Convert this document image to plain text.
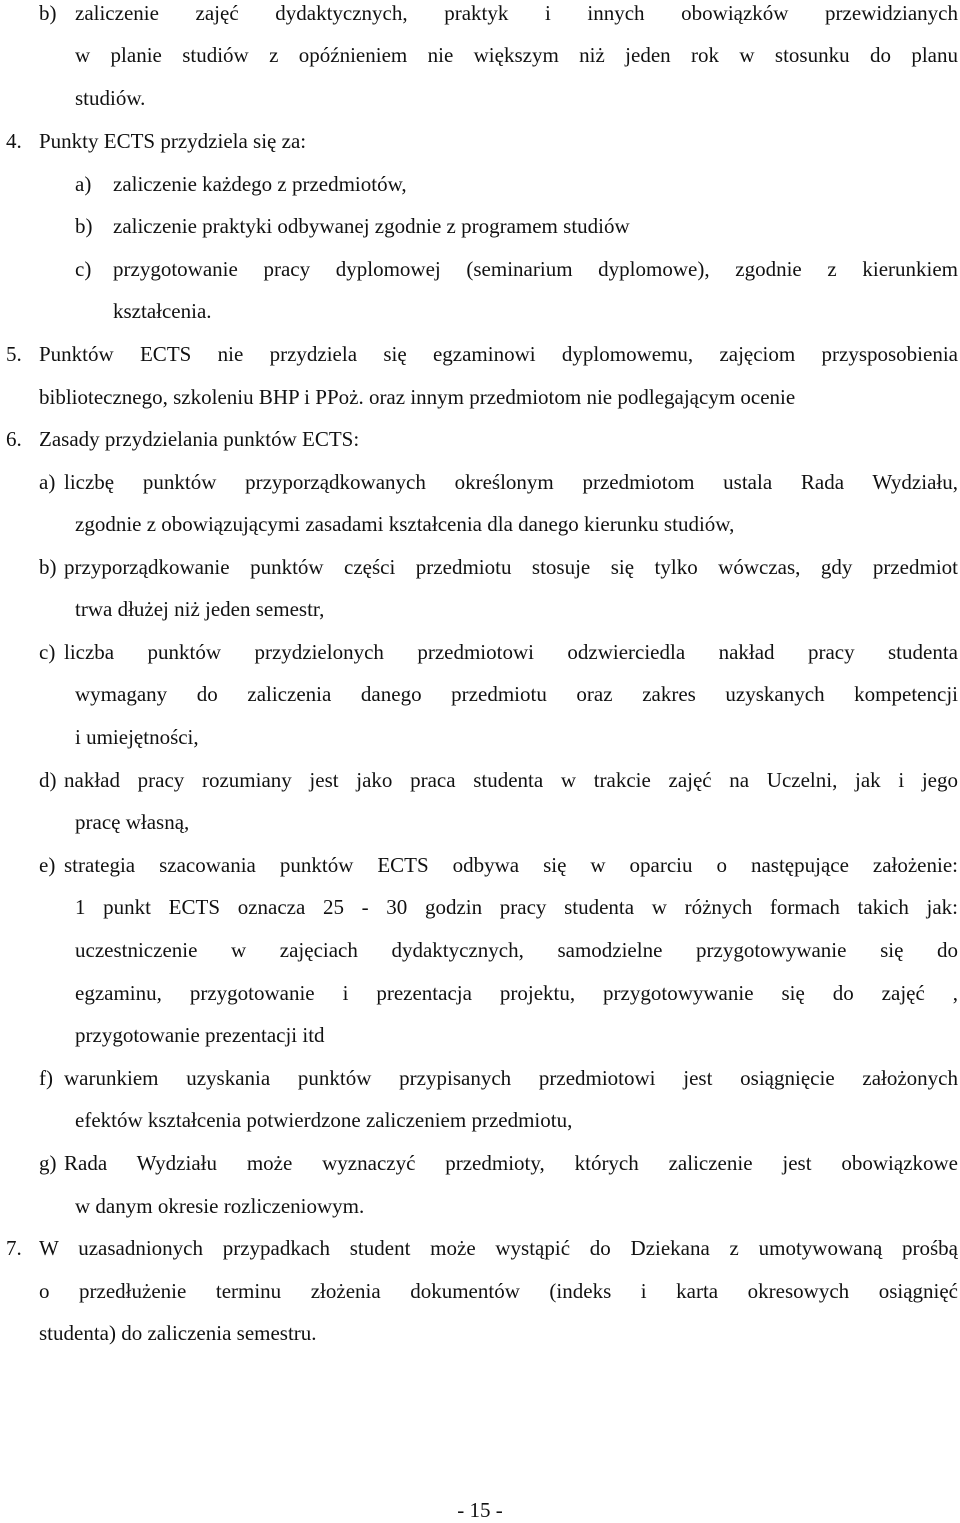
b) zaliczenie zajęć dydaktycznych, praktyk i innych obowiązków przewidzianych
w planie studiów z opóźnieniem nie większym niż jeden rok w stosunku do planu
studiów.
4. Punkty ECTS przydziela się za:
a) zaliczenie każdego z przedmiotów,
b) zaliczenie praktyki odbywanej zgodnie z programem studiów
c) przygotowanie pracy dyplomowej (seminarium dyplomowe), zgodnie z kierunkiem
kształcenia.
5. Punktów ECTS nie przydziela się egzaminowi dyplomowemu, zajęciom przysposobienia
bibliotecznego, szkoleniu BHP i PPoż. oraz innym przedmiotom nie podlegającym ocenie
6. Zasady przydzielania punktów ECTS:
a) liczbę punktów przyporządkowanych określonym przedmiotom ustala Rada Wydziału,
zgodnie z obowiązującymi zasadami kształcenia dla danego kierunku studiów,
b) przyporządkowanie punktów części przedmiotu stosuje się tylko wówczas, gdy przedmiot
trwa dłużej niż jeden semestr,
c) liczba punktów przydzielonych przedmiotowi odzwierciedla nakład pracy studenta
wymagany do zaliczenia danego przedmiotu oraz zakres uzyskanych kompetencji
i umiejętności,
d) nakład pracy rozumiany jest jako praca studenta w trakcie zajęć na Uczelni, jak i jego
pracę własną,
e) strategia szacowania punktów ECTS odbywa się w oparciu o następujące założenie:
1 punkt ECTS oznacza 25 - 30 godzin pracy studenta w różnych formach takich jak:
uczestniczenie w zajęciach dydaktycznych, samodzielne przygotowywanie się do
egzaminu, przygotowanie i prezentacja projektu, przygotowywanie się do zajęć ,
przygotowanie prezentacji itd
f) warunkiem uzyskania punktów przypisanych przedmiotowi jest osiągnięcie założonych
efektów kształcenia potwierdzone zaliczeniem przedmiotu,
g) Rada Wydziału może wyznaczyć przedmioty, których zaliczenie jest obowiązkowe
w danym okresie rozliczeniowym.
7. W uzasadnionych przypadkach student może wystąpić do Dziekana z umotywowaną prośbą
o przedłużenie terminu złożenia dokumentów (indeks i karta okresowych osiągnięć
studenta) do zaliczenia semestru.
- 15 -
